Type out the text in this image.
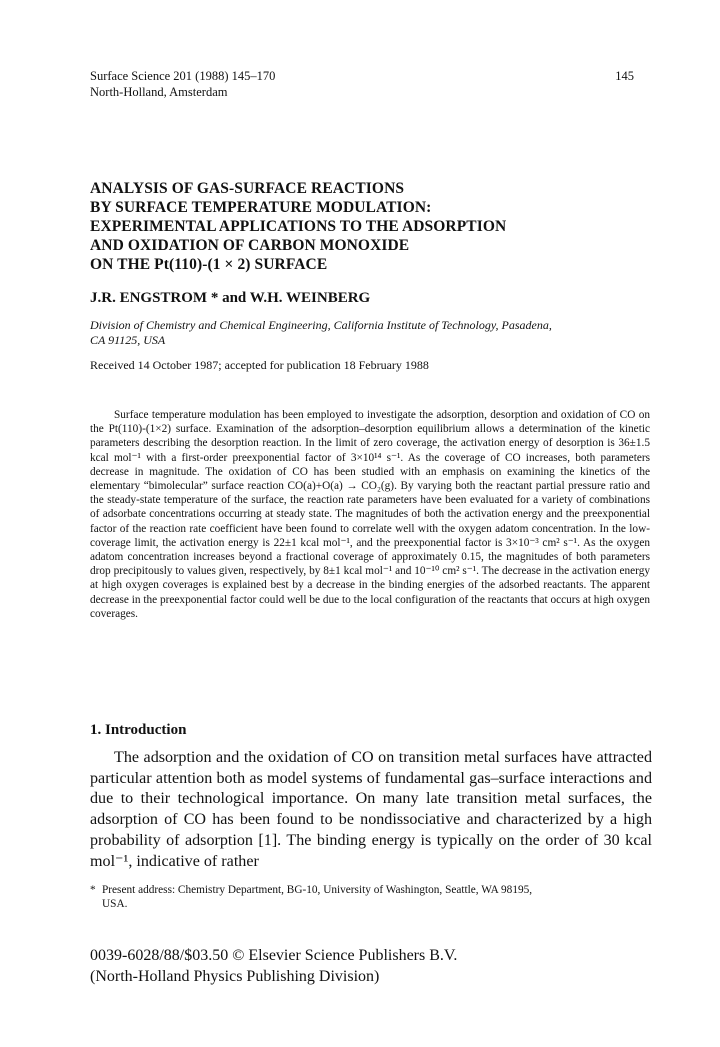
Surface Science 201 (1988) 145–170
North-Holland, Amsterdam
145
ANALYSIS OF GAS-SURFACE REACTIONS
BY SURFACE TEMPERATURE MODULATION:
EXPERIMENTAL APPLICATIONS TO THE ADSORPTION
AND OXIDATION OF CARBON MONOXIDE
ON THE Pt(110)-(1 × 2) SURFACE
J.R. ENGSTROM * and W.H. WEINBERG
Division of Chemistry and Chemical Engineering, California Institute of Technology, Pasadena,
CA 91125, USA
Received 14 October 1987; accepted for publication 18 February 1988
Surface temperature modulation has been employed to investigate the adsorption, desorption and oxidation of CO on the Pt(110)-(1×2) surface. Examination of the adsorption–desorption equilibrium allows a determination of the kinetic parameters describing the desorption reaction. In the limit of zero coverage, the activation energy of desorption is 36±1.5 kcal mol⁻¹ with a first-order preexponential factor of 3×10¹⁴ s⁻¹. As the coverage of CO increases, both parameters decrease in magnitude. The oxidation of CO has been studied with an emphasis on examining the kinetics of the elementary “bimolecular” surface reaction CO(a)+O(a) → CO₂(g). By varying both the reactant partial pressure ratio and the steady-state temperature of the surface, the reaction rate parameters have been evaluated for a variety of combinations of adsorbate concentrations occurring at steady state. The magnitudes of both the activation energy and the preexponential factor of the reaction rate coefficient have been found to correlate well with the oxygen adatom concentration. In the low-coverage limit, the activation energy is 22±1 kcal mol⁻¹, and the preexponential factor is 3×10⁻³ cm² s⁻¹. As the oxygen adatom concentration increases beyond a fractional coverage of approximately 0.15, the magnitudes of both parameters drop precipitously to values given, respectively, by 8±1 kcal mol⁻¹ and 10⁻¹⁰ cm² s⁻¹. The decrease in the activation energy at high oxygen coverages is explained best by a decrease in the binding energies of the adsorbed reactants. The apparent decrease in the preexponential factor could well be due to the local configuration of the reactants that occurs at high oxygen coverages.
1. Introduction
The adsorption and the oxidation of CO on transition metal surfaces have attracted particular attention both as model systems of fundamental gas–surface interactions and due to their technological importance. On many late transition metal surfaces, the adsorption of CO has been found to be nondissociative and characterized by a high probability of adsorption [1]. The binding energy is typically on the order of 30 kcal mol⁻¹, indicative of rather
* Present address: Chemistry Department, BG-10, University of Washington, Seattle, WA 98195,
USA.
0039-6028/88/$03.50 © Elsevier Science Publishers B.V.
(North-Holland Physics Publishing Division)
